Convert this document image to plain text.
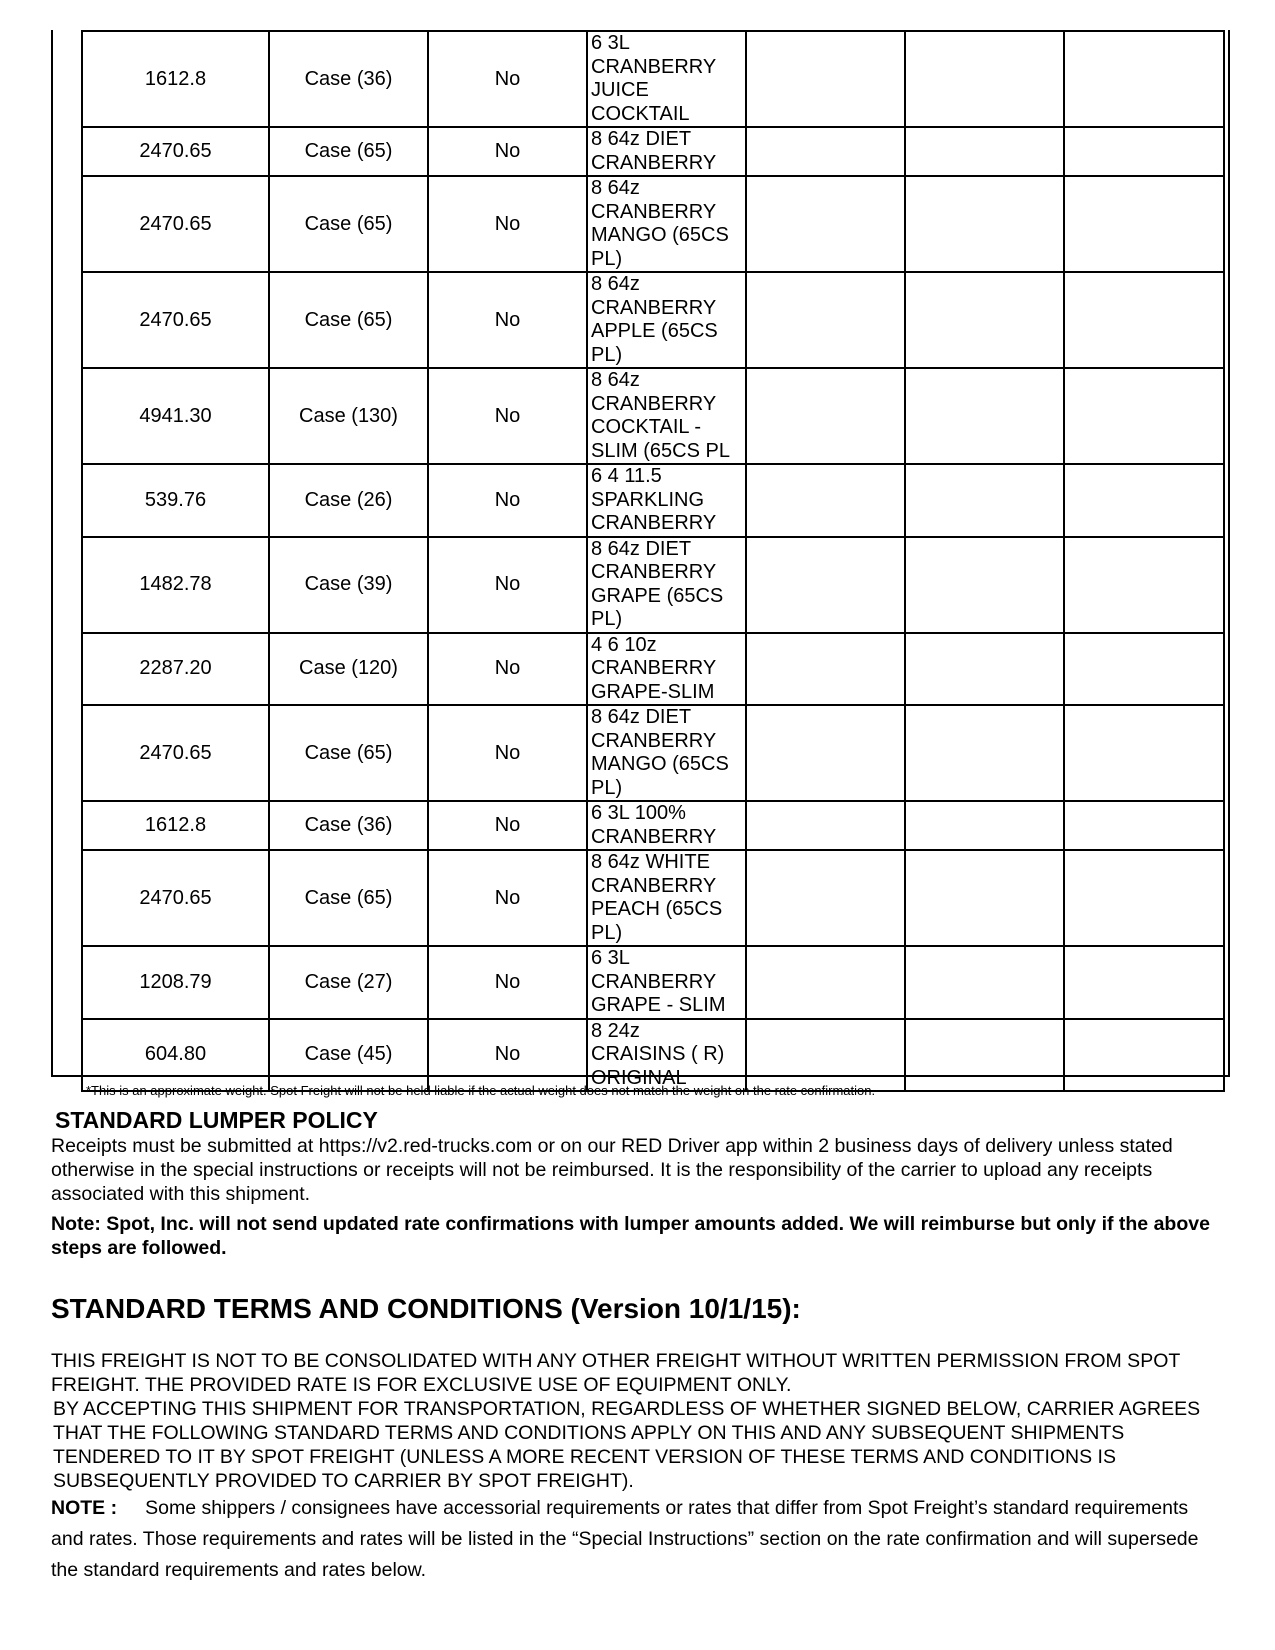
1612.8	Case (36)	No	6 3L
CRANBERRY
JUICE
COCKTAIL			

2470.65	Case (65)	No	8 64z DIET
CRANBERRY			

2470.65	Case (65)	No	8 64z
CRANBERRY
MANGO (65CS
PL)			

2470.65	Case (65)	No	8 64z
CRANBERRY
APPLE (65CS
PL)			

4941.30	Case (130)	No	8 64z
CRANBERRY
COCKTAIL -
SLIM (65CS PL			

539.76	Case (26)	No	6 4 11.5
SPARKLING
CRANBERRY			

1482.78	Case (39)	No	8 64z DIET
CRANBERRY
GRAPE (65CS
PL)			

2287.20	Case (120)	No	4 6 10z
CRANBERRY
GRAPE-SLIM			

2470.65	Case (65)	No	8 64z DIET
CRANBERRY
MANGO (65CS
PL)			

1612.8	Case (36)	No	6 3L 100%
CRANBERRY			

2470.65	Case (65)	No	8 64z WHITE
CRANBERRY
PEACH (65CS
PL)			

1208.79	Case (27)	No	6 3L
CRANBERRY
GRAPE - SLIM			

604.80	Case (45)	No	8 24z
CRAISINS ( R)
ORIGINAL			

*This is an approximate weight. Spot Freight will not be held liable if the actual weight does not match the weight on the rate confirmation.
STANDARD LUMPER POLICY
Receipts must be submitted at https://v2.red-trucks.com or on our RED Driver app within 2 business days of delivery unless stated otherwise in the special instructions or receipts will not be reimbursed. It is the responsibility of the carrier to upload any receipts associated with this shipment.
Note: Spot, Inc. will not send updated rate confirmations with lumper amounts added. We will reimburse but only if the above steps are followed.
STANDARD TERMS AND CONDITIONS (Version 10/1/15):
THIS FREIGHT IS NOT TO BE CONSOLIDATED WITH ANY OTHER FREIGHT WITHOUT WRITTEN PERMISSION FROM SPOT FREIGHT. THE PROVIDED RATE IS FOR EXCLUSIVE USE OF EQUIPMENT ONLY.
BY ACCEPTING THIS SHIPMENT FOR TRANSPORTATION, REGARDLESS OF WHETHER SIGNED BELOW, CARRIER AGREES THAT THE FOLLOWING STANDARD TERMS AND CONDITIONS APPLY ON THIS AND ANY SUBSEQUENT SHIPMENTS TENDERED TO IT BY SPOT FREIGHT (UNLESS A MORE RECENT VERSION OF THESE TERMS AND CONDITIONS IS SUBSEQUENTLY PROVIDED TO CARRIER BY SPOT FREIGHT).
NOTE : Some shippers / consignees have accessorial requirements or rates that differ from Spot Freight’s standard requirements and rates. Those requirements and rates will be listed in the “Special Instructions” section on the rate confirmation and will supersede the standard requirements and rates below.
